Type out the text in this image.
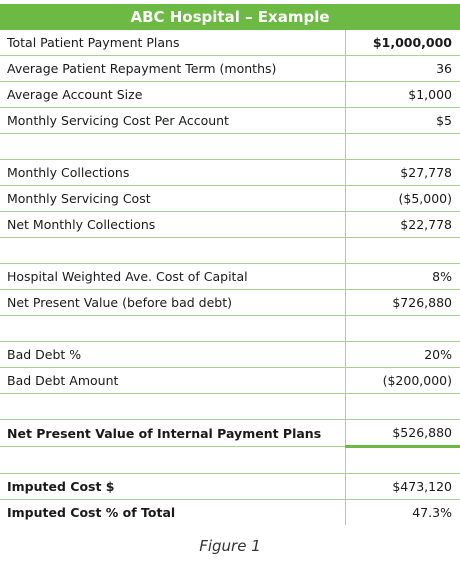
ABC Hospital – Example
Total Patient Payment Plans	$1,000,000
Average Patient Repayment Term (months)	36
Average Account Size	$1,000
Monthly Servicing Cost Per Account	$5

Monthly Collections	$27,778
Monthly Servicing Cost	($5,000)
Net Monthly Collections	$22,778

Hospital Weighted Ave. Cost of Capital	8%
Net Present Value (before bad debt)	$726,880

Bad Debt %	20%
Bad Debt Amount	($200,000)

Net Present Value of Internal Payment Plans	$526,880

Imputed Cost $	$473,120
Imputed Cost % of Total	47.3%
Figure 1
